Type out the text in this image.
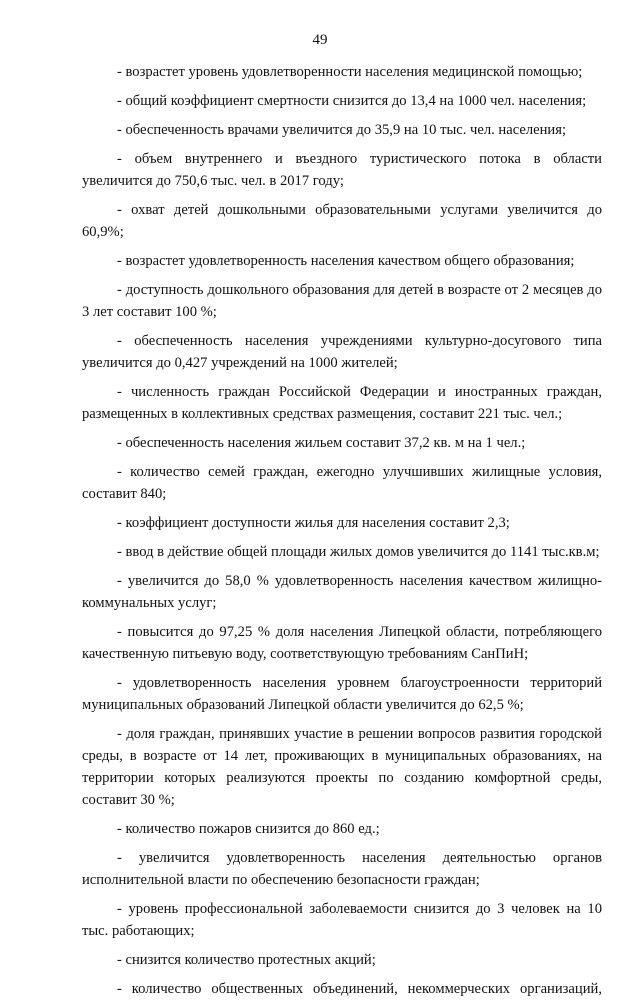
49

- возрастет уровень удовлетворенности населения медицинской помощью;

- общий коэффициент смертности снизится до 13,4 на 1000 чел. населения;

- обеспеченность врачами увеличится до 35,9 на 10 тыс. чел. населения;

- объем внутреннего и въездного туристического потока в области увеличится до 750,6 тыс. чел. в 2017 году;

- охват детей дошкольными образовательными услугами увеличится до 60,9%;

- возрастет удовлетворенность населения качеством общего образования;

- доступность дошкольного образования для детей в возрасте от 2 месяцев до 3 лет составит 100 %;

- обеспеченность населения учреждениями культурно-досугового типа увеличится до 0,427 учреждений на 1000 жителей;

- численность граждан Российской Федерации и иностранных граждан, размещенных в коллективных средствах размещения, составит 221 тыс. чел.;

- обеспеченность населения жильем составит 37,2 кв. м на 1 чел.;

- количество семей граждан, ежегодно улучшивших жилищные условия, составит 840;

- коэффициент доступности жилья для населения составит 2,3;

- ввод в действие общей площади жилых домов увеличится до 1141 тыс.кв.м;

- увеличится до 58,0 % удовлетворенность населения качеством жилищно-коммунальных услуг;

- повысится до 97,25 % доля населения Липецкой области, потребляющего качественную питьевую воду, соответствующую требованиям СанПиН;

- удовлетворенность населения уровнем благоустроенности территорий муниципальных образований Липецкой области увеличится до 62,5 %;

- доля граждан, принявших участие в решении вопросов развития городской среды, в возрасте от 14 лет, проживающих в муниципальных образованиях, на территории которых реализуются проекты по созданию комфортной среды, составит 30 %;

- количество пожаров снизится до 860 ед.;

- увеличится удовлетворенность населения деятельностью органов исполнительной власти по обеспечению безопасности граждан;

- уровень профессиональной заболеваемости снизится до 3 человек на 10 тыс. работающих;

- снизится количество протестных акций;

- количество общественных объединений, некоммерческих организаций,
